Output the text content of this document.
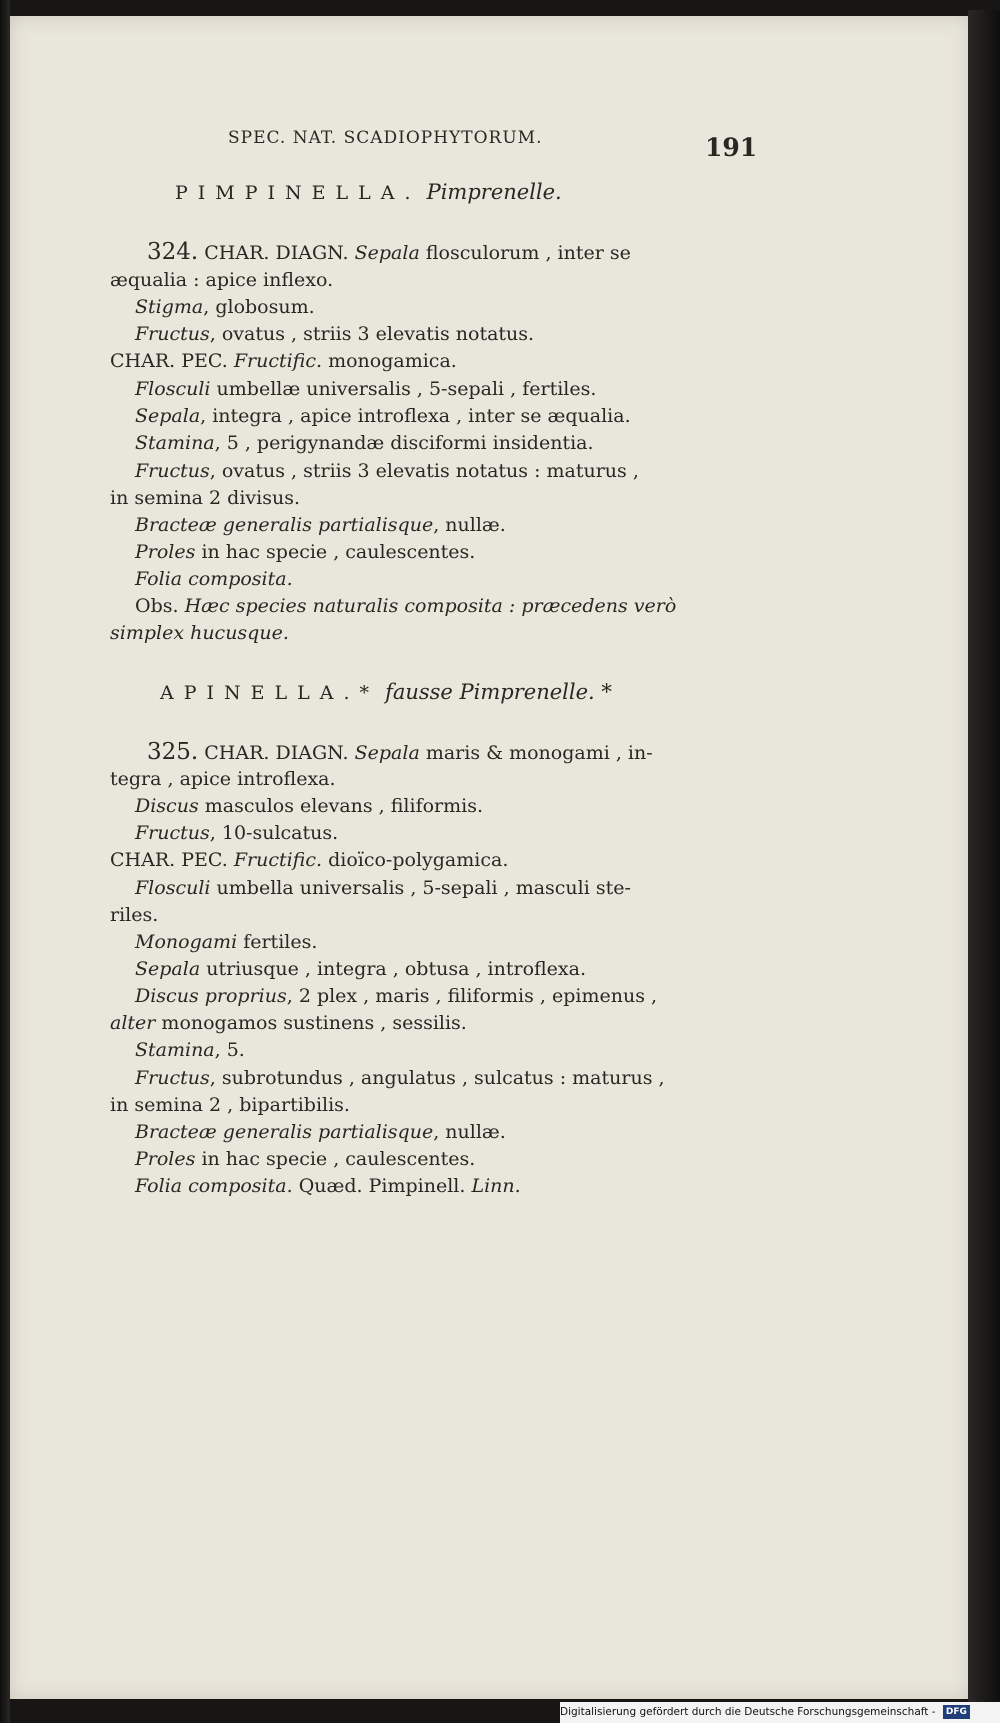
SPEC. NAT. SCADIOPHYTORUM.
PIMPINELLA. Pimprenelle.
324. CHAR. DIAGN. Sepala flosculorum , inter se
æqualia : apice inflexo.
Stigma, globosum.
Fructus, ovatus , striis 3 elevatis notatus.
CHAR. PEC. Fructific. monogamica.
Flosculi umbellæ universalis , 5-sepali , fertiles.
Sepala, integra , apice introflexa , inter se æqualia.
Stamina, 5 , perigynandæ disciformi insidentia.
Fructus, ovatus , striis 3 elevatis notatus : maturus ,
in semina 2 divisus.
Bracteæ generalis partialisque, nullæ.
Proles in hac specie , caulescentes.
Folia composita.
Obs. Hæc species naturalis composita : præcedens verò
simplex hucusque.
APINELLA.* fausse Pimprenelle. *
325. CHAR. DIAGN. Sepala maris & monogami , in-
tegra , apice introflexa.
Discus masculos elevans , filiformis.
Fructus, 10-sulcatus.
CHAR. PEC. Fructific. dioïco-polygamica.
Flosculi umbella universalis , 5-sepali , masculi ste-
riles.
Monogami fertiles.
Sepala utriusque , integra , obtusa , introflexa.
Discus proprius, 2 plex , maris , filiformis , epimenus ,
alter monogamos sustinens , sessilis.
Stamina, 5.
Fructus, subrotundus , angulatus , sulcatus : maturus ,
in semina 2 , bipartibilis.
Bracteæ generalis partialisque, nullæ.
Proles in hac specie , caulescentes.
Folia composita. Quæd. Pimpinell. Linn.
191
Digitalisierung gefördert durch die Deutsche Forschungsgemeinschaft - DFG
